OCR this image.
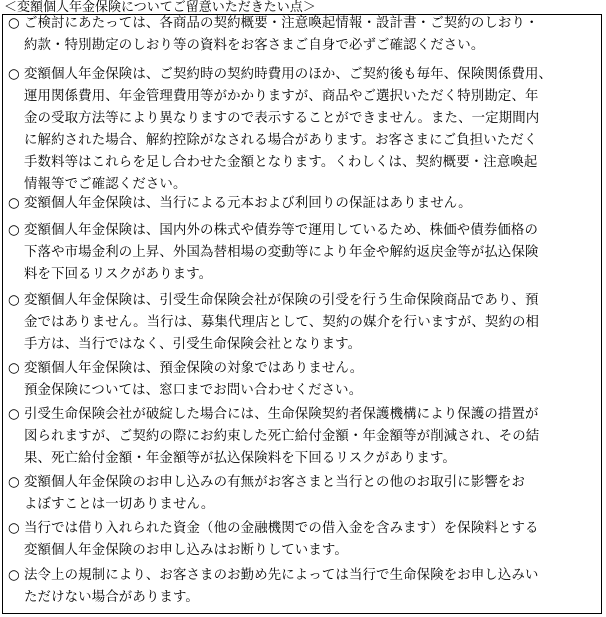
＜変額個人年金保険についてご留意いただきたい点＞
○ ご検討にあたっては、各商品の契約概要・注意喚起情報・設計書・ご契約のしおり・
約款・特別勘定のしおり等の資料をお客さまご自身で必ずご確認ください。
○ 変額個人年金保険は、ご契約時の契約時費用のほか、ご契約後も毎年、保険関係費用、
運用関係費用、年金管理費用等がかかりますが、商品やご選択いただく特別勘定、年
金の受取方法等により異なりますので表示することができません。また、一定期間内
に解約された場合、解約控除がなされる場合があります。お客さまにご負担いただく
手数料等はこれらを足し合わせた金額となります。くわしくは、契約概要・注意喚起
情報等でご確認ください。
○ 変額個人年金保険は、当行による元本および利回りの保証はありません。
○ 変額個人年金保険は、国内外の株式や債券等で運用しているため、株価や債券価格の
下落や市場金利の上昇、外国為替相場の変動等により年金や解約返戻金等が払込保険
料を下回るリスクがあります。
○ 変額個人年金保険は、引受生命保険会社が保険の引受を行う生命保険商品であり、預
金ではありません。当行は、募集代理店として、契約の媒介を行いますが、契約の相
手方は、当行ではなく、引受生命保険会社となります。
○ 変額個人年金保険は、預金保険の対象ではありません。
預金保険については、窓口までお問い合わせください。
○ 引受生命保険会社が破綻した場合には、生命保険契約者保護機構により保護の措置が
図られますが、ご契約の際にお約束した死亡給付金額・年金額等が削減され、その結
果、死亡給付金額・年金額等が払込保険料を下回るリスクがあります。
○ 変額個人年金保険のお申し込みの有無がお客さまと当行との他のお取引に影響をお
よぼすことは一切ありません。
○ 当行では借り入れられた資金（他の金融機関での借入金を含みます）を保険料とする
変額個人年金保険のお申し込みはお断りしています。
○ 法令上の規制により、お客さまのお勤め先によっては当行で生命保険をお申し込みい
ただけない場合があります。
